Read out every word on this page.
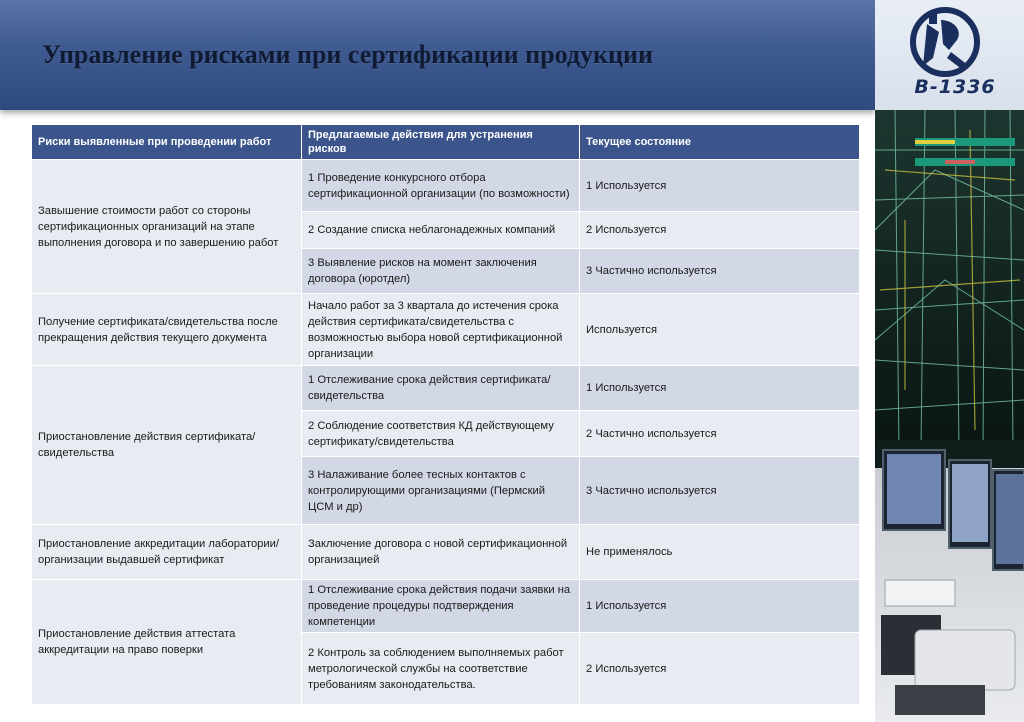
Управление рисками при сертификации продукции
B-1336
Риски выявленные при проведении работ	Предлагаемые действия для устранения рисков	Текущее состояние
Завышение стоимости работ со стороны сертификационных организаций на этапе выполнения договора и по завершению работ	1 Проведение конкурсного отбора сертификационной организации (по возможности)	1 Используется
	2 Создание списка неблагонадежных компаний	2 Используется
	3 Выявление рисков на момент заключения договора (юротдел)	3 Частично используется
Получение сертификата/свидетельства после прекращения действия текущего документа	Начало работ за 3 квартала до истечения срока действия сертификата/свидетельства с возможностью выбора новой сертификационной организации	Используется
Приостановление действия сертификата/свидетельства	1 Отслеживание срока действия сертификата/свидетельства	1 Используется
	2 Соблюдение соответствия КД действующему сертификату/свидетельства	2 Частично используется
	3 Налаживание более тесных контактов с контролирующими организациями (Пермский ЦСМ и др)	3 Частично используется
Приостановление аккредитации лаборатории/организации выдавшей сертификат	Заключение договора с новой сертификационной организацией	Не применялось
Приостановление действия аттестата аккредитации на право поверки	1 Отслеживание срока действия подачи заявки на проведение процедуры подтверждения компетенции	1 Используется
	2 Контроль за соблюдением выполняемых работ метрологической службы на соответствие требованиям законодательства.	2 Используется
